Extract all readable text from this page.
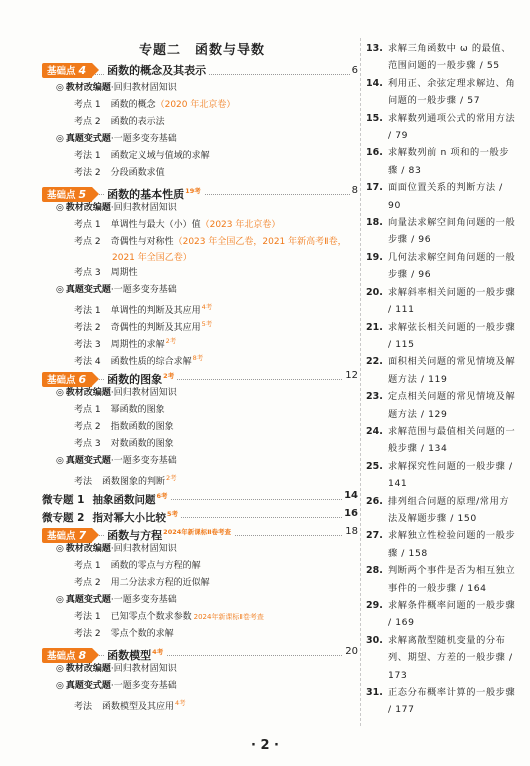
专题二　函数与导数
基础点 4 函数的概念及其表示	6
◎ 教材改编题·回归教材固知识
考点 1 函数的概念（2020 年北京卷）
考点 2 函数的表示法
◎ 真题变式题·一题多变夯基础
考法 1 函数定义域与值域的求解
考法 2 分段函数求值
基础点 5 函数的基本性质$^{19考}$	8
◎ 教材改编题·回归教材固知识
考点 1 单调性与最大（小）值（2023 年北京卷）
考点 2 奇偶性与对称性（2023 年全国乙卷，2021 年新高考Ⅱ卷，
2021 年全国乙卷）
考点 3 周期性
◎ 真题变式题·一题多变夯基础
考法 1 单调性的判断及其应用$^{4考}$
考法 2 奇偶性的判断及其应用$^{5考}$
考法 3 周期性的求解$^{2考}$
考法 4 函数性质的综合求解$^{8考}$
基础点 6 函数的图象$^{2考}$	12
◎ 教材改编题·回归教材固知识
考点 1 幂函数的图象
考点 2 指数函数的图象
考点 3 对数函数的图象
◎ 真题变式题·一题多变夯基础
考法 函数图象的判断$^{2考}$
微专题 1 抽象函数问题$^{6考}$	14
微专题 2 指对幂大小比较$^{5考}$	16
基础点 7 函数与方程$^{2024年新课标Ⅱ卷考查}$	18
◎ 教材改编题·回归教材固知识
考点 1 函数的零点与方程的解
考点 2 用二分法求方程的近似解
◎ 真题变式题·一题多变夯基础
考法 1 已知零点个数求参数 2024年新课标Ⅱ卷考查
考法 2 零点个数的求解
基础点 8 函数模型$^{4考}$	20
◎ 教材改编题·回归教材固知识
◎ 真题变式题·一题多变夯基础
考法 函数模型及其应用$^{4考}$
13. 求解三角函数中 ω 的最值、范围问题的一般步骤 / 55
14. 利用正、余弦定理求解边、角问题的一般步骤 / 57
15. 求解数列通项公式的常用方法 / 79
16. 求解数列前 n 项和的一般步骤 / 83
17. 面面位置关系的判断方法 / 90
18. 向量法求解空间角问题的一般步骤 / 96
19. 几何法求解空间角问题的一般步骤 / 96
20. 求解斜率相关问题的一般步骤 / 111
21. 求解弦长相关问题的一般步骤 / 115
22. 面积相关问题的常见情境及解题方法 / 119
23. 定点相关问题的常见情境及解题方法 / 129
24. 求解范围与最值相关问题的一般步骤 / 134
25. 求解探究性问题的一般步骤 / 141
26. 排列组合问题的原理/常用方法及解题步骤 / 150
27. 求解独立性检验问题的一般步骤 / 158
28. 判断两个事件是否为相互独立事件的一般步骤 / 164
29. 求解条件概率问题的一般步骤 / 169
30. 求解离散型随机变量的分布列、期望、方差的一般步骤 / 173
31. 正态分布概率计算的一般步骤 / 177
· 2 ·
